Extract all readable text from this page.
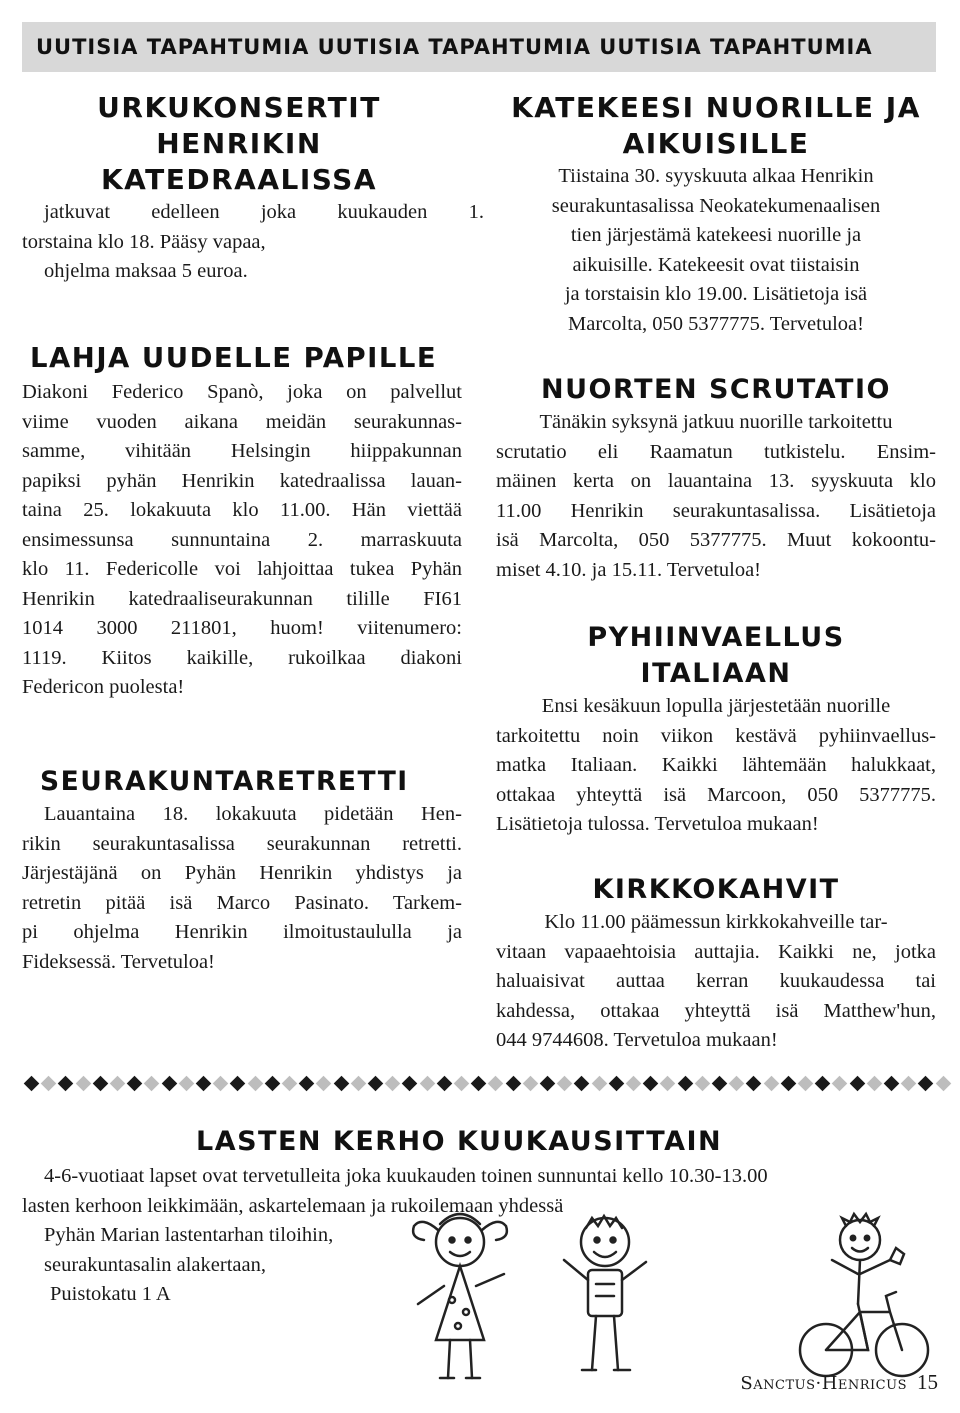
UUTISIA TAPAHTUMIA UUTISIA TAPAHTUMIA UUTISIA TAPAHTUMIA
URKUKONSERTIT
HENRIKIN
KATEDRAALISSA

jatkuvat edelleen joka kuukauden 1.

torstaina klo 18. Pääsy vapaa,

ohjelma maksaa 5 euroa.

LAHJA UUDELLE PAPILLE

Diakoni Federico Spanò, joka on palvellut

viime vuoden aikana meidän seurakunnas-

samme, vihitään Helsingin hiippakunnan

papiksi pyhän Henrikin katedraalissa lauan-

taina 25. lokakuuta klo 11.00. Hän viettää

ensimessunsa sunnuntaina 2. marraskuuta

klo 11. Federicolle voi lahjoittaa tukea Pyhän

Henrikin katedraaliseurakunnan tilille FI61

1014 3000 211801, huom! viitenumero:

1119. Kiitos kaikille, rukoilkaa diakoni

Federicon puolesta!

SEURAKUNTARETRETTI

Lauantaina 18. lokakuuta pidetään Hen-

rikin seurakuntasalissa seurakunnan retretti.

Järjestäjänä on Pyhän Henrikin yhdistys ja

retretin pitää isä Marco Pasinato. Tarkem-

pi ohjelma Henrikin ilmoitustaululla ja

Fideksessä. Tervetuloa!

KATEKEESI NUORILLE JA
AIKUISILLE

Tiistaina 30. syyskuuta alkaa Henrikin

seurakuntasalissa Neokatekumenaalisen

tien järjestämä katekeesi nuorille ja

aikuisille. Katekeesit ovat tiistaisin

ja torstaisin klo 19.00. Lisätietoja isä

Marcolta, 050 5377775. Tervetuloa!

NUORTEN SCRUTATIO

Tänäkin syksynä jatkuu nuorille tarkoitettu

scrutatio eli Raamatun tutkistelu. Ensim-

mäinen kerta on lauantaina 13. syyskuuta klo

11.00 Henrikin seurakuntasalissa. Lisätietoja

isä Marcolta, 050 5377775. Muut kokoontu-

miset 4.10. ja 15.11. Tervetuloa!

PYHIINVAELLUS
ITALIAAN

Ensi kesäkuun lopulla järjestetään nuorille

tarkoitettu noin viikon kestävä pyhiinvaellus-

matka Italiaan. Kaikki lähtemään halukkaat,

ottakaa yhteyttä isä Marcoon, 050 5377775.

Lisätietoja tulossa. Tervetuloa mukaan!

KIRKKOKAHVIT

Klo 11.00 päämessun kirkkokahveille tar-

vitaan vapaaehtoisia auttajia. Kaikki ne, jotka

haluaisivat auttaa kerran kuukaudessa tai

kahdessa, ottakaa yhteyttä isä Matthew'hun,

044 9744608. Tervetuloa mukaan!

LASTEN KERHO KUUKAUSITTAIN

4-6-vuotiaat lapset ovat tervetulleita joka kuukauden toinen sunnuntai kello 10.30-13.00

lasten kerhoon leikkimään, askartelemaan ja rukoilemaan yhdessä

Pyhän Marian lastentarhan tiloihin,

seurakuntasalin alakertaan,

Puistokatu 1 A

Sanctus·Henricus 15
